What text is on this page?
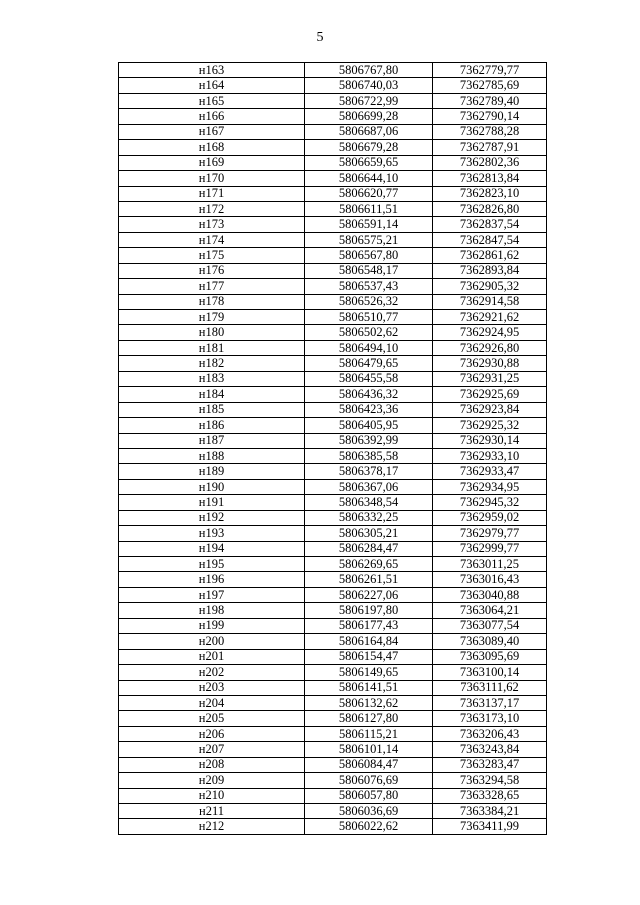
5
н163	5806767,80	7362779,77
н164	5806740,03	7362785,69
н165	5806722,99	7362789,40
н166	5806699,28	7362790,14
н167	5806687,06	7362788,28
н168	5806679,28	7362787,91
н169	5806659,65	7362802,36
н170	5806644,10	7362813,84
н171	5806620,77	7362823,10
н172	5806611,51	7362826,80
н173	5806591,14	7362837,54
н174	5806575,21	7362847,54
н175	5806567,80	7362861,62
н176	5806548,17	7362893,84
н177	5806537,43	7362905,32
н178	5806526,32	7362914,58
н179	5806510,77	7362921,62
н180	5806502,62	7362924,95
н181	5806494,10	7362926,80
н182	5806479,65	7362930,88
н183	5806455,58	7362931,25
н184	5806436,32	7362925,69
н185	5806423,36	7362923,84
н186	5806405,95	7362925,32
н187	5806392,99	7362930,14
н188	5806385,58	7362933,10
н189	5806378,17	7362933,47
н190	5806367,06	7362934,95
н191	5806348,54	7362945,32
н192	5806332,25	7362959,02
н193	5806305,21	7362979,77
н194	5806284,47	7362999,77
н195	5806269,65	7363011,25
н196	5806261,51	7363016,43
н197	5806227,06	7363040,88
н198	5806197,80	7363064,21
н199	5806177,43	7363077,54
н200	5806164,84	7363089,40
н201	5806154,47	7363095,69
н202	5806149,65	7363100,14
н203	5806141,51	7363111,62
н204	5806132,62	7363137,17
н205	5806127,80	7363173,10
н206	5806115,21	7363206,43
н207	5806101,14	7363243,84
н208	5806084,47	7363283,47
н209	5806076,69	7363294,58
н210	5806057,80	7363328,65
н211	5806036,69	7363384,21
н212	5806022,62	7363411,99
